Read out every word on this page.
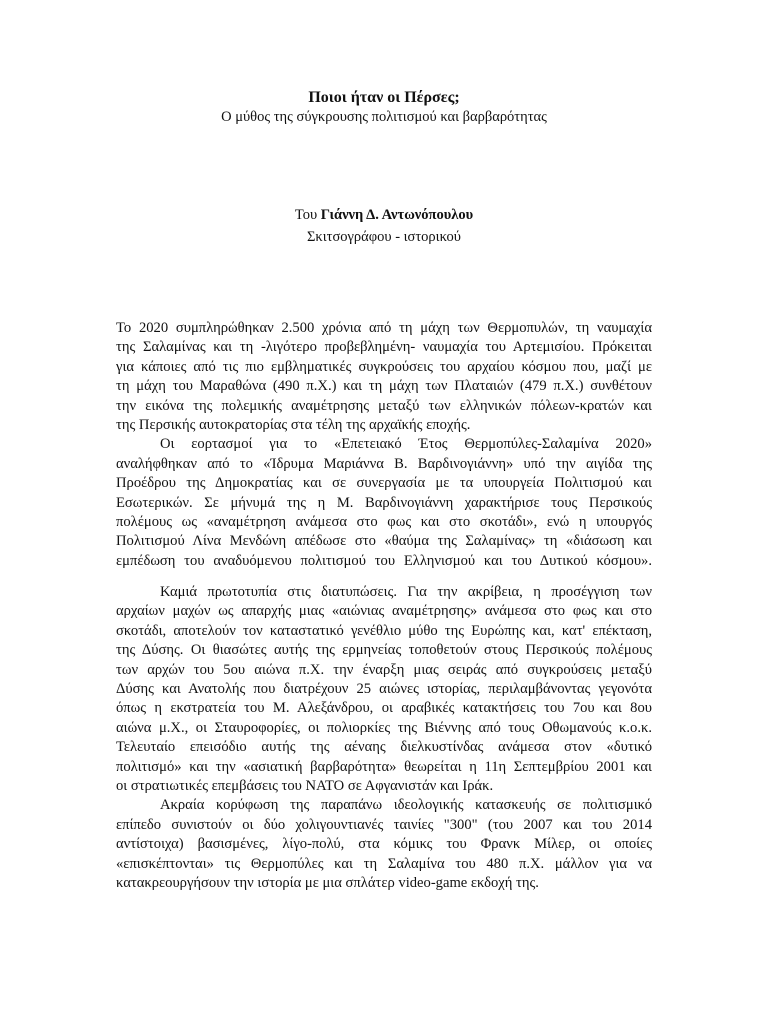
Ποιοι ήταν οι Πέρσες;
Ο μύθος της σύγκρουσης πολιτισμού και βαρβαρότητας
Του Γιάννη Δ. Αντωνόπουλου
Σκιτσογράφου - ιστορικού
Το 2020 συμπληρώθηκαν 2.500 χρόνια από τη μάχη των Θερμοπυλών, τη ναυμαχία
της Σαλαμίνας και τη -λιγότερο προβεβλημένη- ναυμαχία του Αρτεμισίου. Πρόκειται
για κάποιες από τις πιο εμβληματικές συγκρούσεις του αρχαίου κόσμου που, μαζί με
τη μάχη του Μαραθώνα (490 π.Χ.) και τη μάχη των Πλαταιών (479 π.Χ.) συνθέτουν
την εικόνα της πολεμικής αναμέτρησης μεταξύ των ελληνικών πόλεων-κρατών και
της Περσικής αυτοκρατορίας στα τέλη της αρχαϊκής εποχής.
Οι εορτασμοί για το «Επετειακό Έτος Θερμοπύλες-Σαλαμίνα 2020»
αναλήφθηκαν από το «Ίδρυμα Μαριάννα Β. Βαρδινογιάννη» υπό την αιγίδα της
Προέδρου της Δημοκρατίας και σε συνεργασία με τα υπουργεία Πολιτισμού και
Εσωτερικών. Σε μήνυμά της η Μ. Βαρδινογιάννη χαρακτήρισε τους Περσικούς
πολέμους ως «αναμέτρηση ανάμεσα στο φως και στο σκοτάδι», ενώ η υπουργός
Πολιτισμού Λίνα Μενδώνη απέδωσε στο «θαύμα της Σαλαμίνας» τη «διάσωση και
εμπέδωση του αναδυόμενου πολιτισμού του Ελληνισμού και του Δυτικού κόσμου».
Καμιά πρωτοτυπία στις διατυπώσεις. Για την ακρίβεια, η προσέγγιση των
αρχαίων μαχών ως απαρχής μιας «αιώνιας αναμέτρησης» ανάμεσα στο φως και στο
σκοτάδι, αποτελούν τον καταστατικό γενέθλιο μύθο της Ευρώπης και, κατ' επέκταση,
της Δύσης. Οι θιασώτες αυτής της ερμηνείας τοποθετούν στους Περσικούς πολέμους
των αρχών του 5ου αιώνα π.Χ. την έναρξη μιας σειράς από συγκρούσεις μεταξύ
Δύσης και Ανατολής που διατρέχουν 25 αιώνες ιστορίας, περιλαμβάνοντας γεγονότα
όπως η εκστρατεία του Μ. Αλεξάνδρου, οι αραβικές κατακτήσεις του 7ου και 8ου
αιώνα μ.Χ., οι Σταυροφορίες, οι πολιορκίες της Βιέννης από τους Οθωμανούς κ.ο.κ.
Τελευταίο επεισόδιο αυτής της αέναης διελκυστίνδας ανάμεσα στον «δυτικό
πολιτισμό» και την «ασιατική βαρβαρότητα» θεωρείται η 11η Σεπτεμβρίου 2001 και
οι στρατιωτικές επεμβάσεις του ΝΑΤΟ σε Αφγανιστάν και Ιράκ.
Ακραία κορύφωση της παραπάνω ιδεολογικής κατασκευής σε πολιτισμικό
επίπεδο συνιστούν οι δύο χολιγουντιανές ταινίες "300" (του 2007 και του 2014
αντίστοιχα) βασισμένες, λίγο-πολύ, στα κόμικς του Φρανκ Μίλερ, οι οποίες
«επισκέπτονται» τις Θερμοπύλες και τη Σαλαμίνα του 480 π.Χ. μάλλον για να
κατακρεουργήσουν την ιστορία με μια σπλάτερ video-game εκδοχή της.
